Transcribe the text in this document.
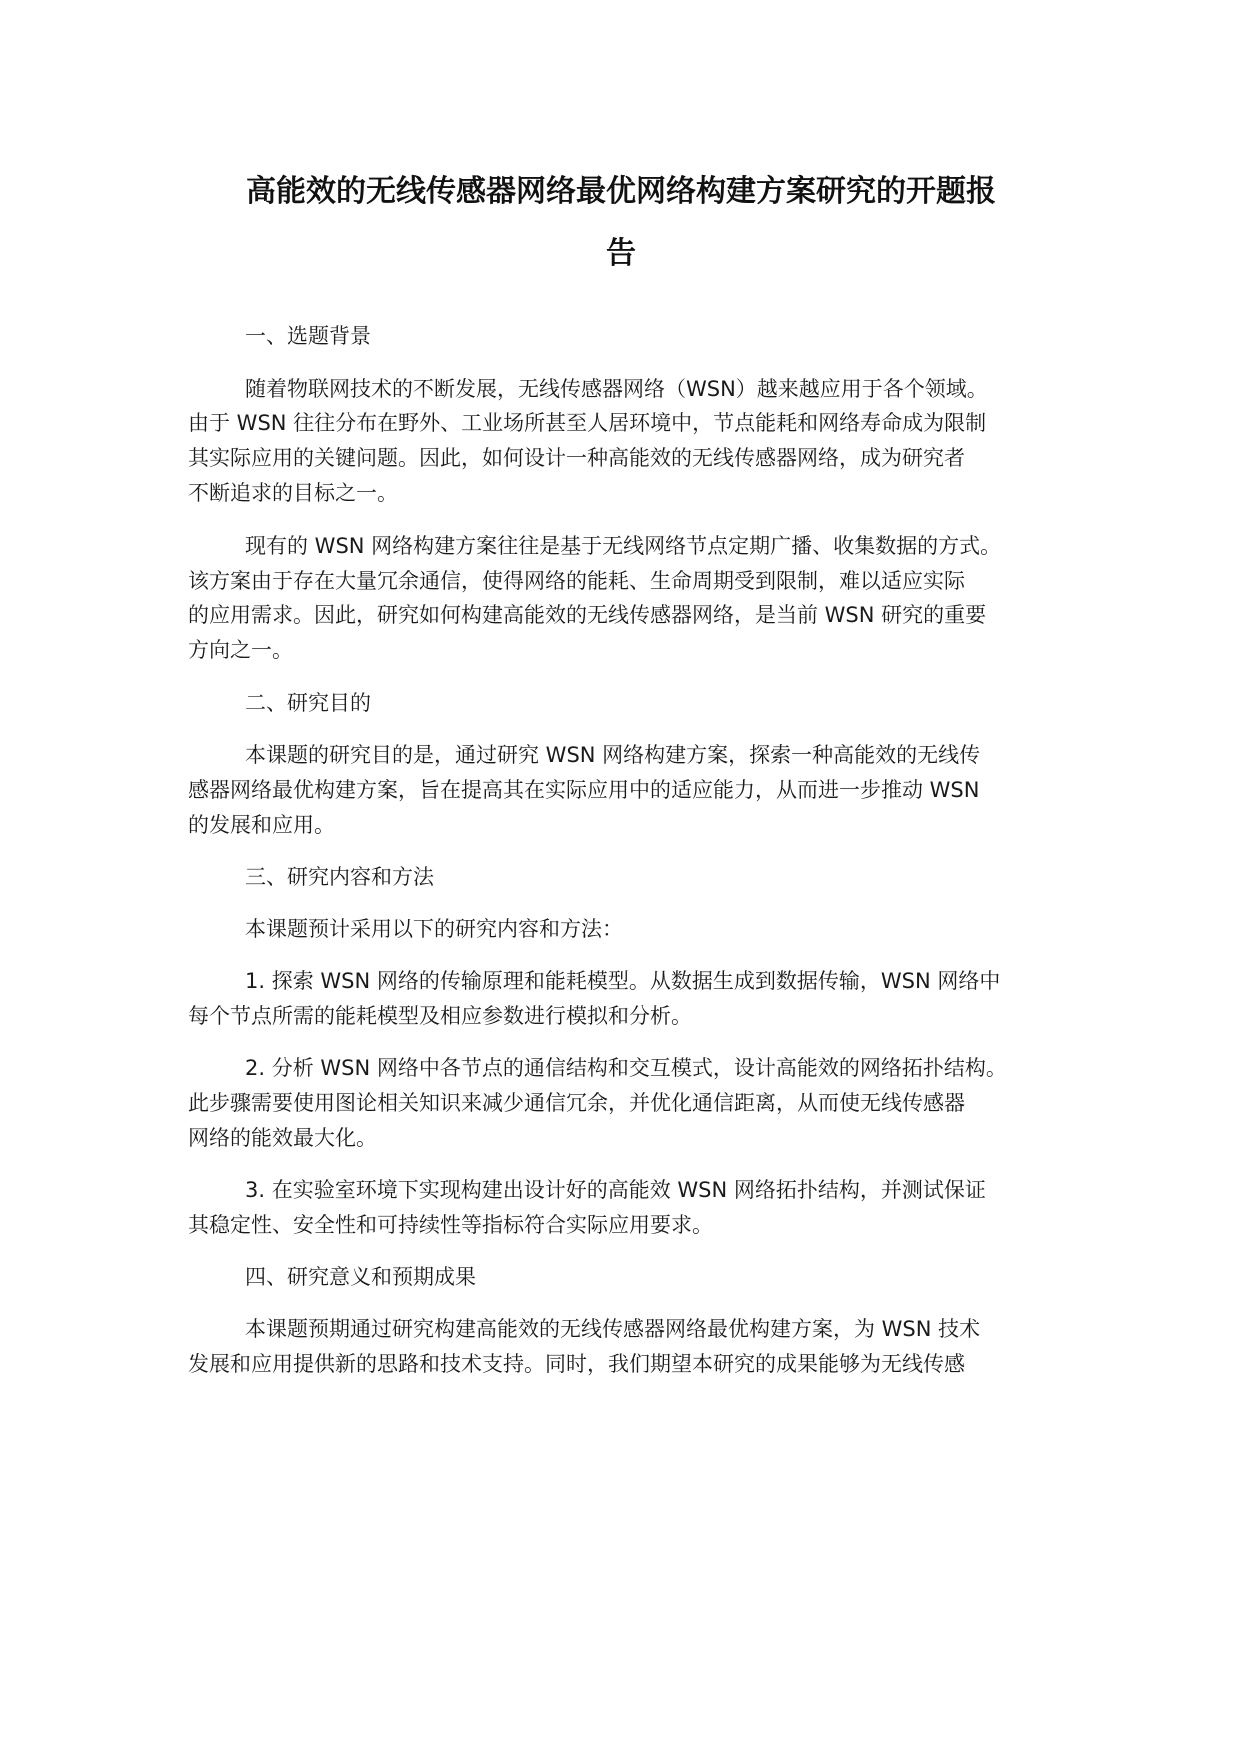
高能效的无线传感器网络最优网络构建方案研究的开题报
告
一、选题背景
随着物联网技术的不断发展，无线传感器网络（WSN）越来越应用于各个领域。
由于 WSN 往往分布在野外、工业场所甚至人居环境中，节点能耗和网络寿命成为限制
其实际应用的关键问题。因此，如何设计一种高能效的无线传感器网络，成为研究者
不断追求的目标之一。
现有的 WSN 网络构建方案往往是基于无线网络节点定期广播、收集数据的方式。
该方案由于存在大量冗余通信，使得网络的能耗、生命周期受到限制，难以适应实际
的应用需求。因此，研究如何构建高能效的无线传感器网络，是当前 WSN 研究的重要
方向之一。
二、研究目的
本课题的研究目的是，通过研究 WSN 网络构建方案，探索一种高能效的无线传
感器网络最优构建方案，旨在提高其在实际应用中的适应能力，从而进一步推动 WSN
的发展和应用。
三、研究内容和方法
本课题预计采用以下的研究内容和方法：
1. 探索 WSN 网络的传输原理和能耗模型。从数据生成到数据传输，WSN 网络中
每个节点所需的能耗模型及相应参数进行模拟和分析。
2. 分析 WSN 网络中各节点的通信结构和交互模式，设计高能效的网络拓扑结构。
此步骤需要使用图论相关知识来减少通信冗余，并优化通信距离，从而使无线传感器
网络的能效最大化。
3. 在实验室环境下实现构建出设计好的高能效 WSN 网络拓扑结构，并测试保证
其稳定性、安全性和可持续性等指标符合实际应用要求。
四、研究意义和预期成果
本课题预期通过研究构建高能效的无线传感器网络最优构建方案，为 WSN 技术
发展和应用提供新的思路和技术支持。同时，我们期望本研究的成果能够为无线传感
